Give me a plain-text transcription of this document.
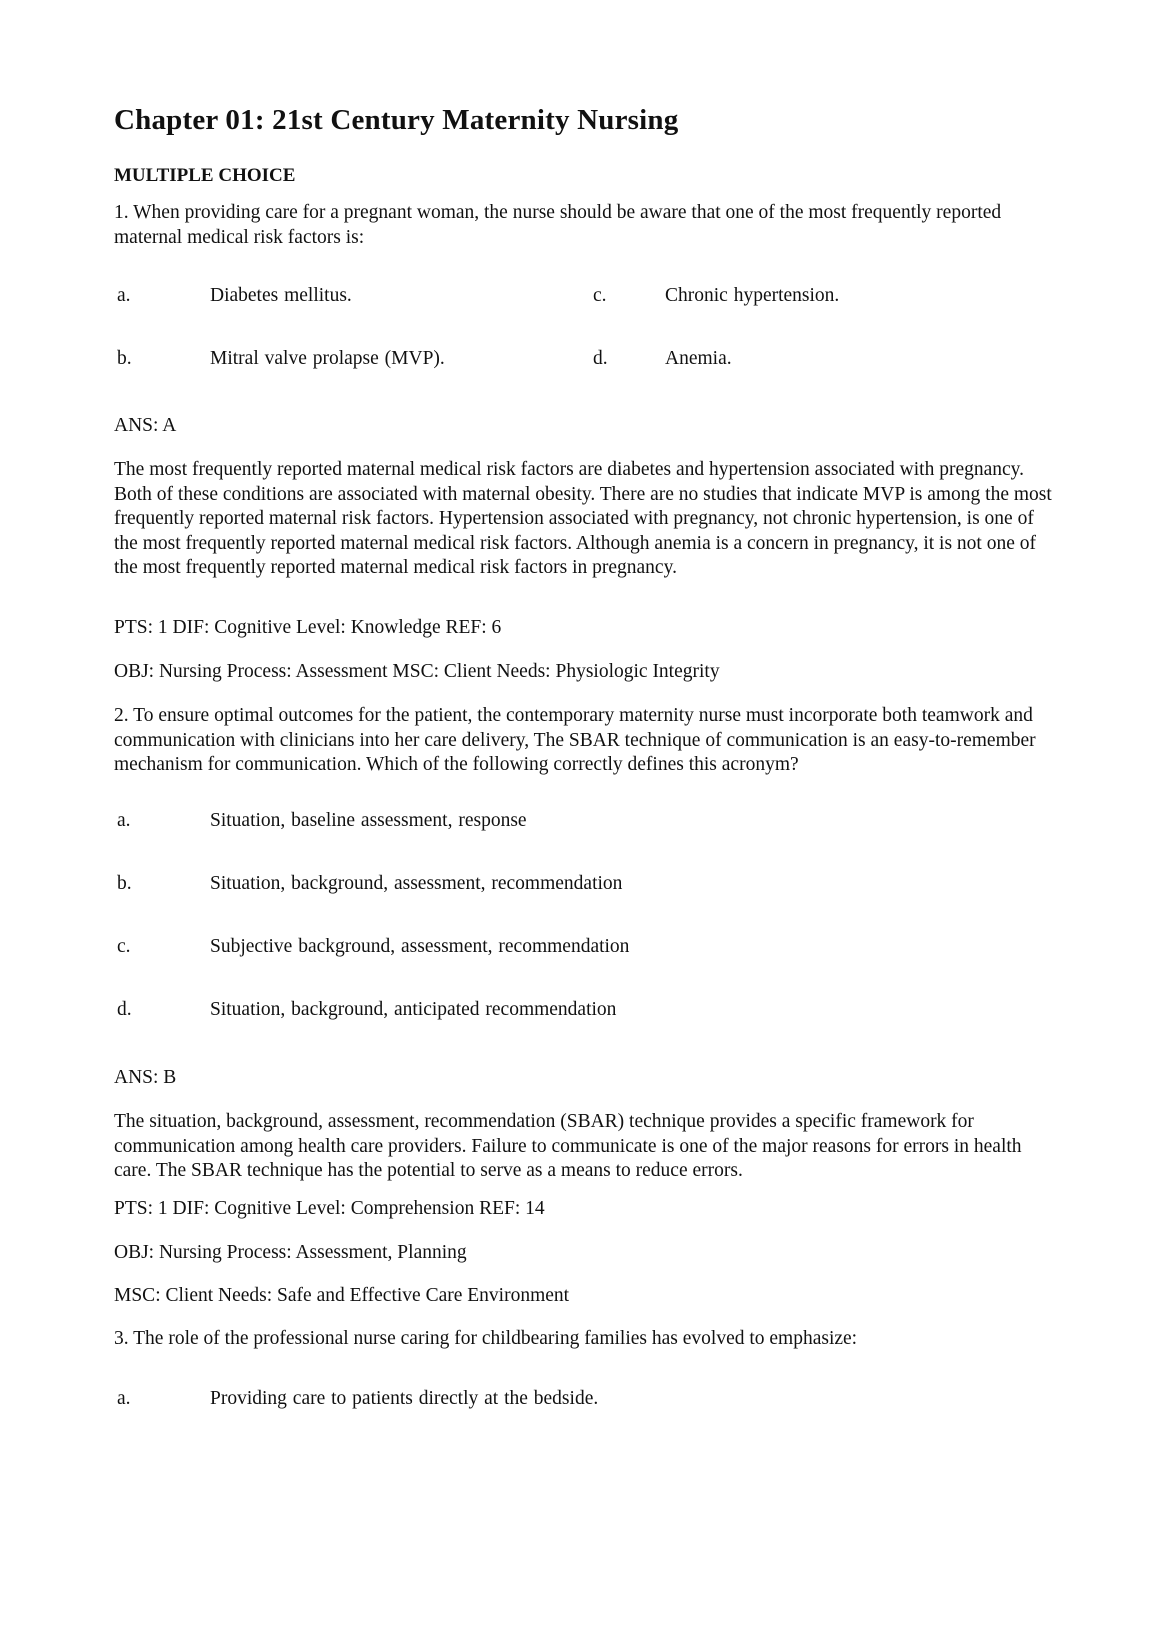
Chapter 01: 21st Century Maternity Nursing
MULTIPLE CHOICE

1. When providing care for a pregnant woman, the nurse should be aware that one of the most frequently reported maternal medical risk factors is:

a.	Diabetes mellitus.	c.	Chronic hypertension.
b.	Mitral valve prolapse (MVP).	d.	Anemia.
ANS: A

The most frequently reported maternal medical risk factors are diabetes and hypertension associated with pregnancy. Both of these conditions are associated with maternal obesity. There are no studies that indicate MVP is among the most frequently reported maternal risk factors. Hypertension associated with pregnancy, not chronic hypertension, is one of the most frequently reported maternal medical risk factors. Although anemia is a concern in pregnancy, it is not one of the most frequently reported maternal medical risk factors in pregnancy.

PTS: 1 DIF: Cognitive Level: Knowledge REF: 6
OBJ: Nursing Process: Assessment MSC: Client Needs: Physiologic Integrity

2. To ensure optimal outcomes for the patient, the contemporary maternity nurse must incorporate both teamwork and communication with clinicians into her care delivery, The SBAR technique of communication is an easy-to-remember mechanism for communication. Which of the following correctly defines this acronym?

a.	Situation, baseline assessment, response
b.	Situation, background, assessment, recommendation
c.	Subjective background, assessment, recommendation
d.	Situation, background, anticipated recommendation
ANS: B

The situation, background, assessment, recommendation (SBAR) technique provides a specific framework for communication among health care providers. Failure to communicate is one of the major reasons for errors in health care. The SBAR technique has the potential to serve as a means to reduce errors.

PTS: 1 DIF: Cognitive Level: Comprehension REF: 14
OBJ: Nursing Process: Assessment, Planning
MSC: Client Needs: Safe and Effective Care Environment
3. The role of the professional nurse caring for childbearing families has evolved to emphasize:
a.	Providing care to patients directly at the bedside.
